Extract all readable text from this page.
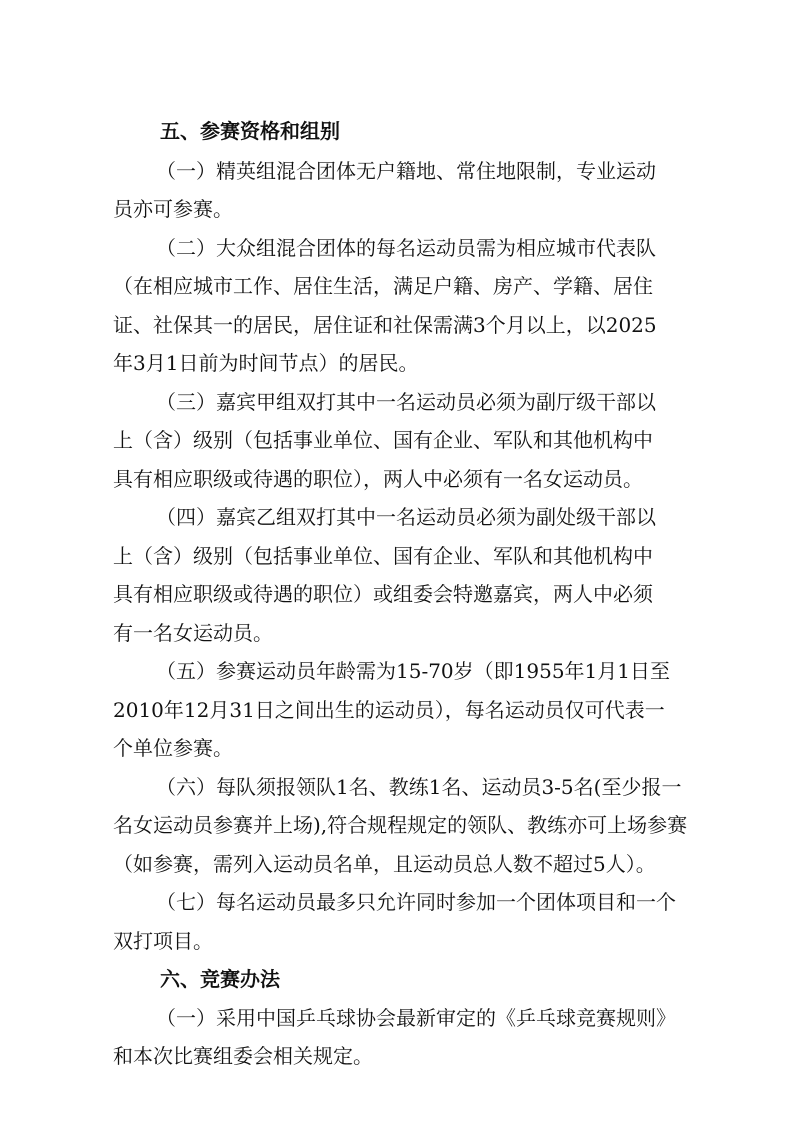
五、参赛资格和组别
（一）精英组混合团体无户籍地、常住地限制，专业运动
员亦可参赛。
（二）大众组混合团体的每名运动员需为相应城市代表队
（在相应城市工作、居住生活，满足户籍、房产、学籍、居住
证、社保其一的居民，居住证和社保需满3个月以上，以2025
年3月1日前为时间节点）的居民。
（三）嘉宾甲组双打其中一名运动员必须为副厅级干部以
上（含）级别（包括事业单位、国有企业、军队和其他机构中
具有相应职级或待遇的职位），两人中必须有一名女运动员。
（四）嘉宾乙组双打其中一名运动员必须为副处级干部以
上（含）级别（包括事业单位、国有企业、军队和其他机构中
具有相应职级或待遇的职位）或组委会特邀嘉宾，两人中必须
有一名女运动员。
（五）参赛运动员年龄需为15-70岁（即1955年1月1日至
2010年12月31日之间出生的运动员），每名运动员仅可代表一
个单位参赛。
（六）每队须报领队1名、教练1名、运动员3-5名(至少报一
名女运动员参赛并上场),符合规程规定的领队、教练亦可上场参赛
（如参赛，需列入运动员名单，且运动员总人数不超过5人）。
（七）每名运动员最多只允许同时参加一个团体项目和一个
双打项目。
六、竞赛办法
（一）采用中国乒乓球协会最新审定的《乒乓球竞赛规则》
和本次比赛组委会相关规定。
